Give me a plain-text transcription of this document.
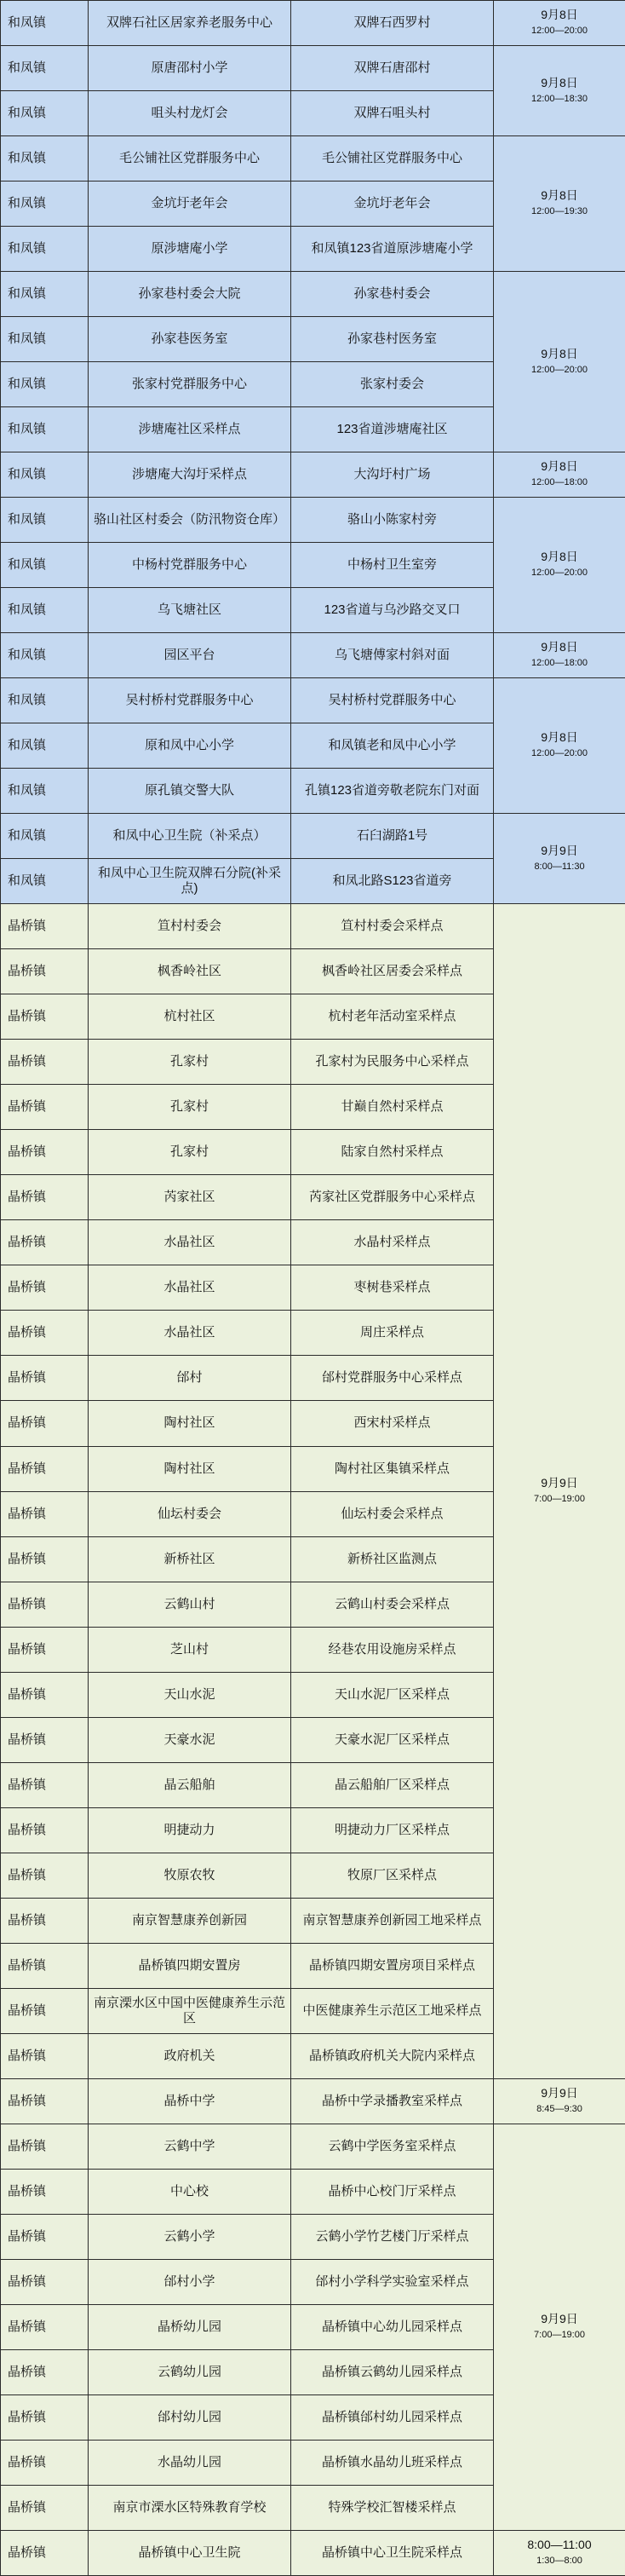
和凤镇	双牌石社区居家养老服务中心	双牌石西罗村	9月8日
12:00—20:00

和凤镇	原唐邵村小学	双牌石唐邵村	9月8日
12:00—18:30

和凤镇	咀头村龙灯会	双牌石咀头村	
和凤镇	毛公铺社区党群服务中心	毛公铺社区党群服务中心	9月8日
12:00—19:30

和凤镇	金坑圩老年会	金坑圩老年会	
和凤镇	原涉塘庵小学	和凤镇123省道原涉塘庵小学	
和凤镇	孙家巷村委会大院	孙家巷村委会	9月8日
12:00—20:00

和凤镇	孙家巷医务室	孙家巷村医务室	
和凤镇	张家村党群服务中心	张家村委会	
和凤镇	涉塘庵社区采样点	123省道涉塘庵社区	
和凤镇	涉塘庵大沟圩采样点	大沟圩村广场	9月8日
12:00—18:00

和凤镇	骆山社区村委会（防汛物资仓库）	骆山小陈家村旁	9月8日
12:00—20:00

和凤镇	中杨村党群服务中心	中杨村卫生室旁	
和凤镇	乌飞塘社区	123省道与乌沙路交叉口	
和凤镇	园区平台	乌飞塘傅家村斜对面	9月8日
12:00—18:00

和凤镇	吴村桥村党群服务中心	吴村桥村党群服务中心	9月8日
12:00—20:00

和凤镇	原和凤中心小学	和凤镇老和凤中心小学	
和凤镇	原孔镇交警大队	孔镇123省道旁敬老院东门对面	
和凤镇	和凤中心卫生院（补采点）	石臼湖路1号	9月9日
8:00—11:30

和凤镇	和凤中心卫生院双牌石分院(补采点)	和凤北路S123省道旁	
晶桥镇	笪村村委会	笪村村委会采样点	9月9日
7:00—19:00

晶桥镇	枫香岭社区	枫香岭社区居委会采样点	
晶桥镇	杭村社区	杭村老年活动室采样点	
晶桥镇	孔家村	孔家村为民服务中心采样点	
晶桥镇	孔家村	甘巅自然村采样点	
晶桥镇	孔家村	陆家自然村采样点	
晶桥镇	芮家社区	芮家社区党群服务中心采样点	
晶桥镇	水晶社区	水晶村采样点	
晶桥镇	水晶社区	枣树巷采样点	
晶桥镇	水晶社区	周庄采样点	
晶桥镇	邰村	邰村党群服务中心采样点	
晶桥镇	陶村社区	西宋村采样点	
晶桥镇	陶村社区	陶村社区集镇采样点	
晶桥镇	仙坛村委会	仙坛村委会采样点	
晶桥镇	新桥社区	新桥社区监测点	
晶桥镇	云鹤山村	云鹤山村委会采样点	
晶桥镇	芝山村	经巷农用设施房采样点	
晶桥镇	天山水泥	天山水泥厂区采样点	
晶桥镇	天豪水泥	天豪水泥厂区采样点	
晶桥镇	晶云船舶	晶云船舶厂区采样点	
晶桥镇	明捷动力	明捷动力厂区采样点	
晶桥镇	牧原农牧	牧原厂区采样点	
晶桥镇	南京智慧康养创新园	南京智慧康养创新园工地采样点	
晶桥镇	晶桥镇四期安置房	晶桥镇四期安置房项目采样点	
晶桥镇	南京溧水区中国中医健康养生示范区	中医健康养生示范区工地采样点	
晶桥镇	政府机关	晶桥镇政府机关大院内采样点	
晶桥镇	晶桥中学	晶桥中学录播教室采样点	9月9日
8:45—9:30

晶桥镇	云鹤中学	云鹤中学医务室采样点	9月9日
7:00—19:00

晶桥镇	中心校	晶桥中心校门厅采样点	
晶桥镇	云鹤小学	云鹤小学竹艺楼门厅采样点	
晶桥镇	邰村小学	邰村小学科学实验室采样点	
晶桥镇	晶桥幼儿园	晶桥镇中心幼儿园采样点	
晶桥镇	云鹤幼儿园	晶桥镇云鹤幼儿园采样点	
晶桥镇	邰村幼儿园	晶桥镇邰村幼儿园采样点	
晶桥镇	水晶幼儿园	晶桥镇水晶幼儿班采样点	
晶桥镇	南京市溧水区特殊教育学校	特殊学校汇智楼采样点	
晶桥镇	晶桥镇中心卫生院	晶桥镇中心卫生院采样点	8:00—11:00
1:30—8:00
